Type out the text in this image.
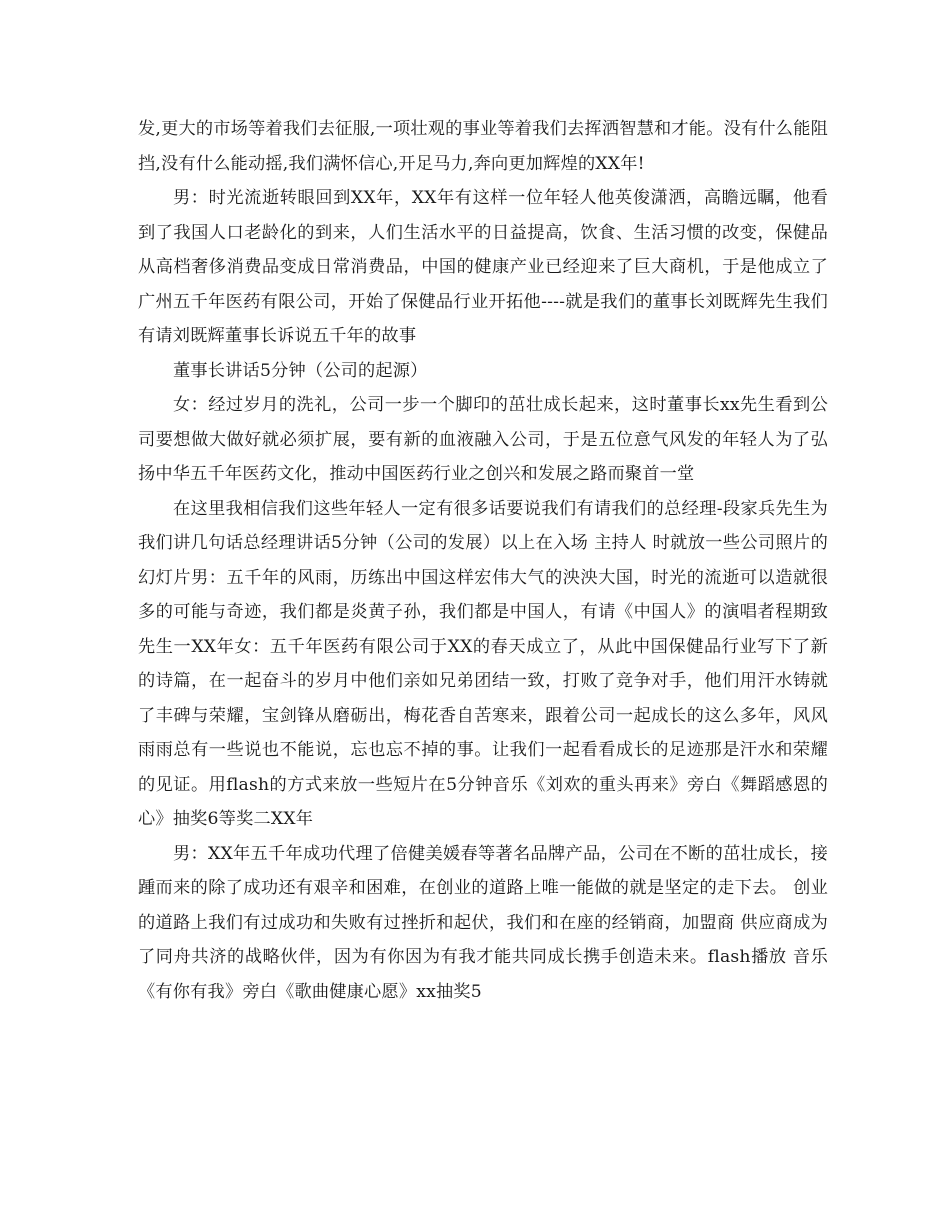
发,更大的市场等着我们去征服,一项壮观的事业等着我们去挥洒智慧和才能。没有什么能阻挡,没有什么能动摇,我们满怀信心,开足马力,奔向更加辉煌的XX年!

男：时光流逝转眼回到XX年，XX年有这样一位年轻人他英俊潇洒，高瞻远瞩，他看到了我国人口老龄化的到来，人们生活水平的日益提高，饮食、生活习惯的改变，保健品从高档奢侈消费品变成日常消费品，中国的健康产业已经迎来了巨大商机，于是他成立了广州五千年医药有限公司，开始了保健品行业开拓他----就是我们的董事长刘既辉先生我们有请刘既辉董事长诉说五千年的故事

董事长讲话5分钟（公司的起源）

女：经过岁月的洗礼，公司一步一个脚印的茁壮成长起来，这时董事长xx先生看到公司要想做大做好就必须扩展，要有新的血液融入公司，于是五位意气风发的年轻人为了弘扬中华五千年医药文化，推动中国医药行业之创兴和发展之路而聚首一堂

在这里我相信我们这些年轻人一定有很多话要说我们有请我们的总经理-段家兵先生为我们讲几句话总经理讲话5分钟（公司的发展）以上在入场 主持人 时就放一些公司照片的幻灯片男：五千年的风雨，历练出中国这样宏伟大气的泱泱大国，时光的流逝可以造就很多的可能与奇迹，我们都是炎黄子孙，我们都是中国人，有请《中国人》的演唱者程期致先生一XX年女：五千年医药有限公司于XX的春天成立了，从此中国保健品行业写下了新的诗篇，在一起奋斗的岁月中他们亲如兄弟团结一致，打败了竞争对手，他们用汗水铸就了丰碑与荣耀，宝剑锋从磨砺出，梅花香自苦寒来，跟着公司一起成长的这么多年，风风雨雨总有一些说也不能说，忘也忘不掉的事。让我们一起看看成长的足迹那是汗水和荣耀的见证。用flash的方式来放一些短片在5分钟音乐《刘欢的重头再来》旁白《舞蹈感恩的心》抽奖6等奖二XX年

男：XX年五千年成功代理了倍健美媛春等著名品牌产品，公司在不断的茁壮成长，接踵而来的除了成功还有艰辛和困难，在创业的道路上唯一能做的就是坚定的走下去。 创业的道路上我们有过成功和失败有过挫折和起伏，我们和在座的经销商，加盟商 供应商成为了同舟共济的战略伙伴，因为有你因为有我才能共同成长携手创造未来。flash播放 音乐《有你有我》旁白《歌曲健康心愿》xx抽奖5
